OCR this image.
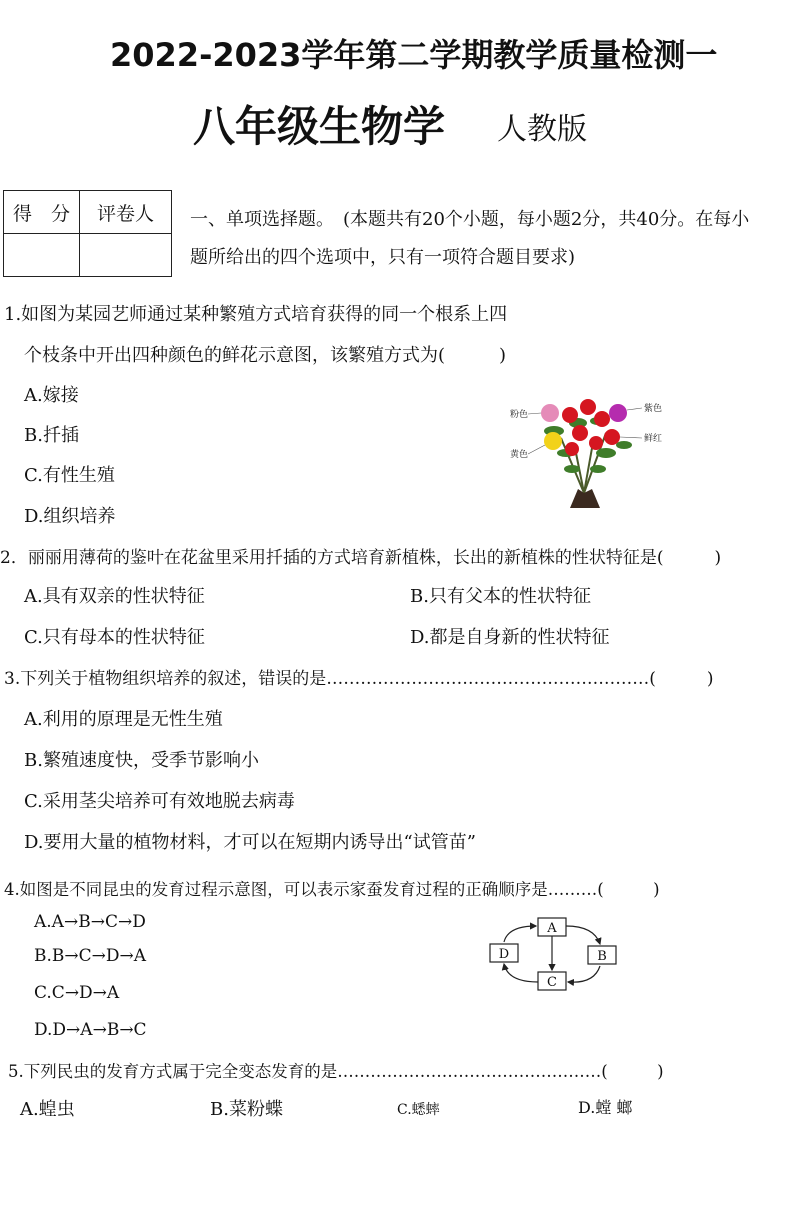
2022-2023学年第二学期教学质量检测一
八年级生物学 人教版
得　分	评卷人
	一、单项选择题。　(本题共有20个小题，每小题2分，共40分。在每小
题所给出的四个选项中，只有一项符合题目要求)
1.如图为某园艺师通过某种繁殖方式培育获得的同一个根系上四
个枝条中开出四种颜色的鲜花示意图，该繁殖方式为(　　　)
A.嫁接
B.扦插
C.有性生殖
D.组织培养
粉色
紫色
鲜红
黄色
2．丽丽用薄荷的鉴叶在花盆里采用扦插的方式培育新植株，长出的新植株的性状特征是(　　　)
A.具有双亲的性状特征	B.只有父本的性状特征
C.只有母本的性状特征	D.都是自身新的性状特征
3.下列关于植物组织培养的叙述，错误的是…………………………………………………(　　　)
A.利用的原理是无性生殖
B.繁殖速度快，受季节影响小
C.采用茎尖培养可有效地脱去病毒
D.要用大量的植物材料，才可以在短期内诱导出“试管苗”
4.如图是不同昆虫的发育过程示意图，可以表示家蚕发育过程的正确顺序是………(　　　)
A.A→B→C→D
B.B→C→D→A
C.C→D→A
D.D→A→B→C
A
B
C
D
5.下列民虫的发育方式属于完全变态发育的是…………………………………………(　　　)
A.蝗虫	B.菜粉蝶	C.蟋蟀	D.螳 螂
